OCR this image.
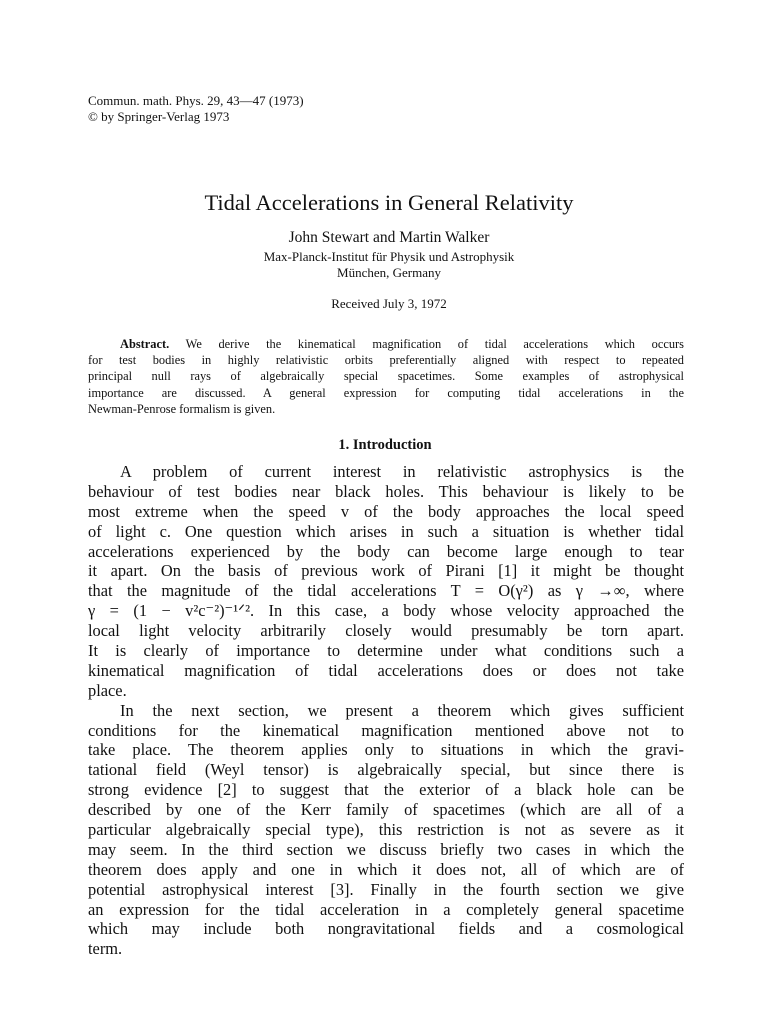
Commun. math. Phys. 29, 43—47 (1973)
© by Springer-Verlag 1973
Tidal Accelerations in General Relativity
John Stewart and Martin Walker
Max-Planck-Institut für Physik und Astrophysik
München, Germany
Received July 3, 1972
Abstract. We derive the kinematical magnification of tidal accelerations which occurs
for test bodies in highly relativistic orbits preferentially aligned with respect to repeated
principal null rays of algebraically special spacetimes. Some examples of astrophysical
importance are discussed. A general expression for computing tidal accelerations in the
Newman-Penrose formalism is given.
1. Introduction
A problem of current interest in relativistic astrophysics is the
behaviour of test bodies near black holes. This behaviour is likely to be
most extreme when the speed v of the body approaches the local speed
of light c. One question which arises in such a situation is whether tidal
accelerations experienced by the body can become large enough to tear
it apart. On the basis of previous work of Pirani [1] it might be thought
that the magnitude of the tidal accelerations T = O(γ²) as γ →∞, where
γ = (1 − v²c⁻²)⁻¹ᐟ². In this case, a body whose velocity approached the
local light velocity arbitrarily closely would presumably be torn apart.
It is clearly of importance to determine under what conditions such a
kinematical magnification of tidal accelerations does or does not take
place.
In the next section, we present a theorem which gives sufficient
conditions for the kinematical magnification mentioned above not to
take place. The theorem applies only to situations in which the gravi-
tational field (Weyl tensor) is algebraically special, but since there is
strong evidence [2] to suggest that the exterior of a black hole can be
described by one of the Kerr family of spacetimes (which are all of a
particular algebraically special type), this restriction is not as severe as it
may seem. In the third section we discuss briefly two cases in which the
theorem does apply and one in which it does not, all of which are of
potential astrophysical interest [3]. Finally in the fourth section we give
an expression for the tidal acceleration in a completely general spacetime
which may include both nongravitational fields and a cosmological
term.
